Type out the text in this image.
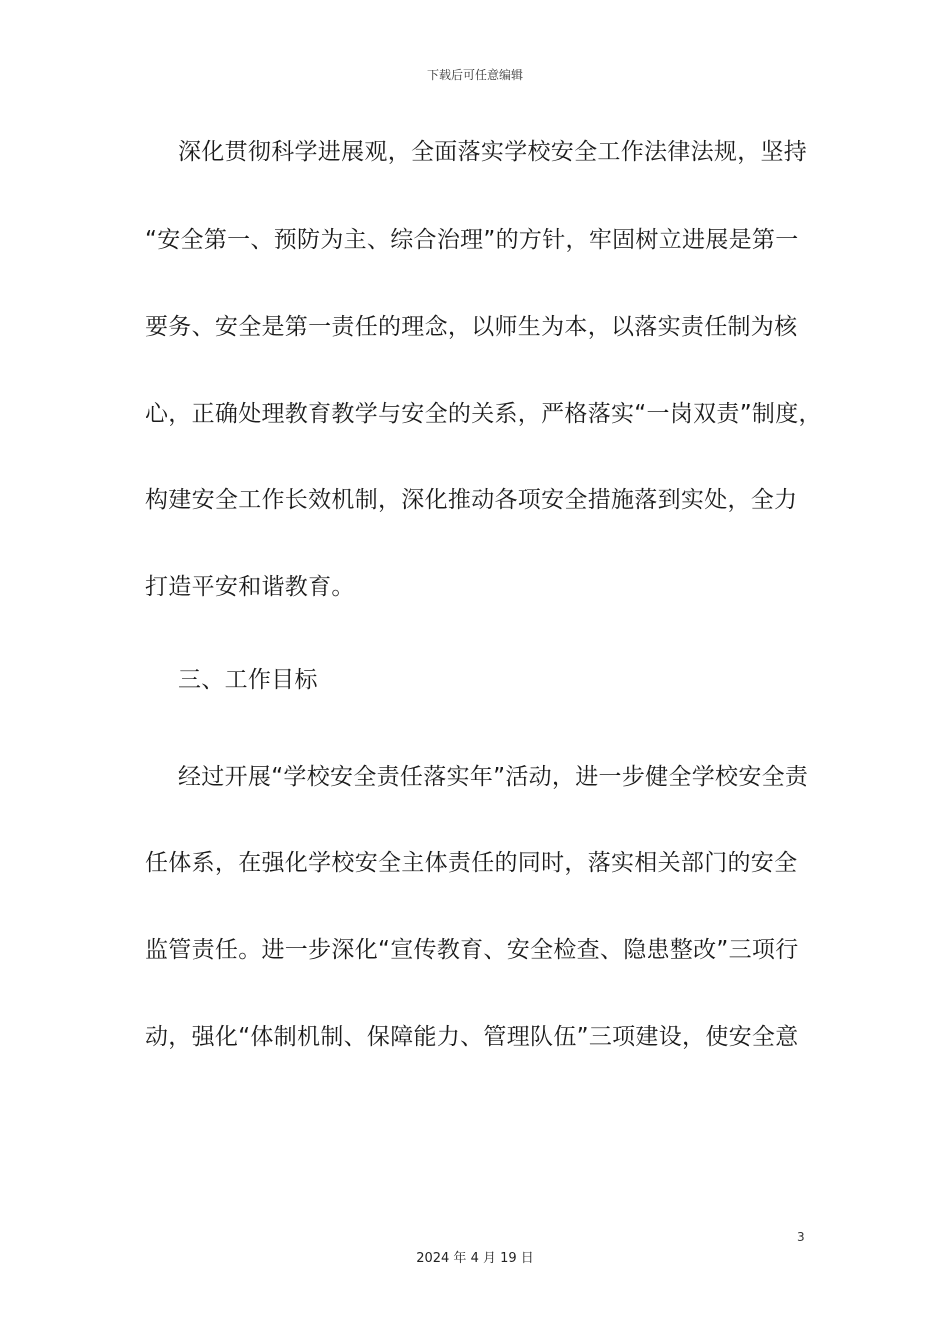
下载后可任意编辑
深化贯彻科学进展观，全面落实学校安全工作法律法规，坚持
“安全第一、预防为主、综合治理”的方针，牢固树立进展是第一
要务、安全是第一责任的理念，以师生为本，以落实责任制为核
心，正确处理教育教学与安全的关系，严格落实“一岗双责”制度，
构建安全工作长效机制，深化推动各项安全措施落到实处，全力
打造平安和谐教育。
三、工作目标
经过开展“学校安全责任落实年”活动，进一步健全学校安全责
任体系，在强化学校安全主体责任的同时，落实相关部门的安全
监管责任。进一步深化“宣传教育、安全检查、隐患整改”三项行
动，强化“体制机制、保障能力、管理队伍”三项建设，使安全意
3
2024 年 4 月 19 日
